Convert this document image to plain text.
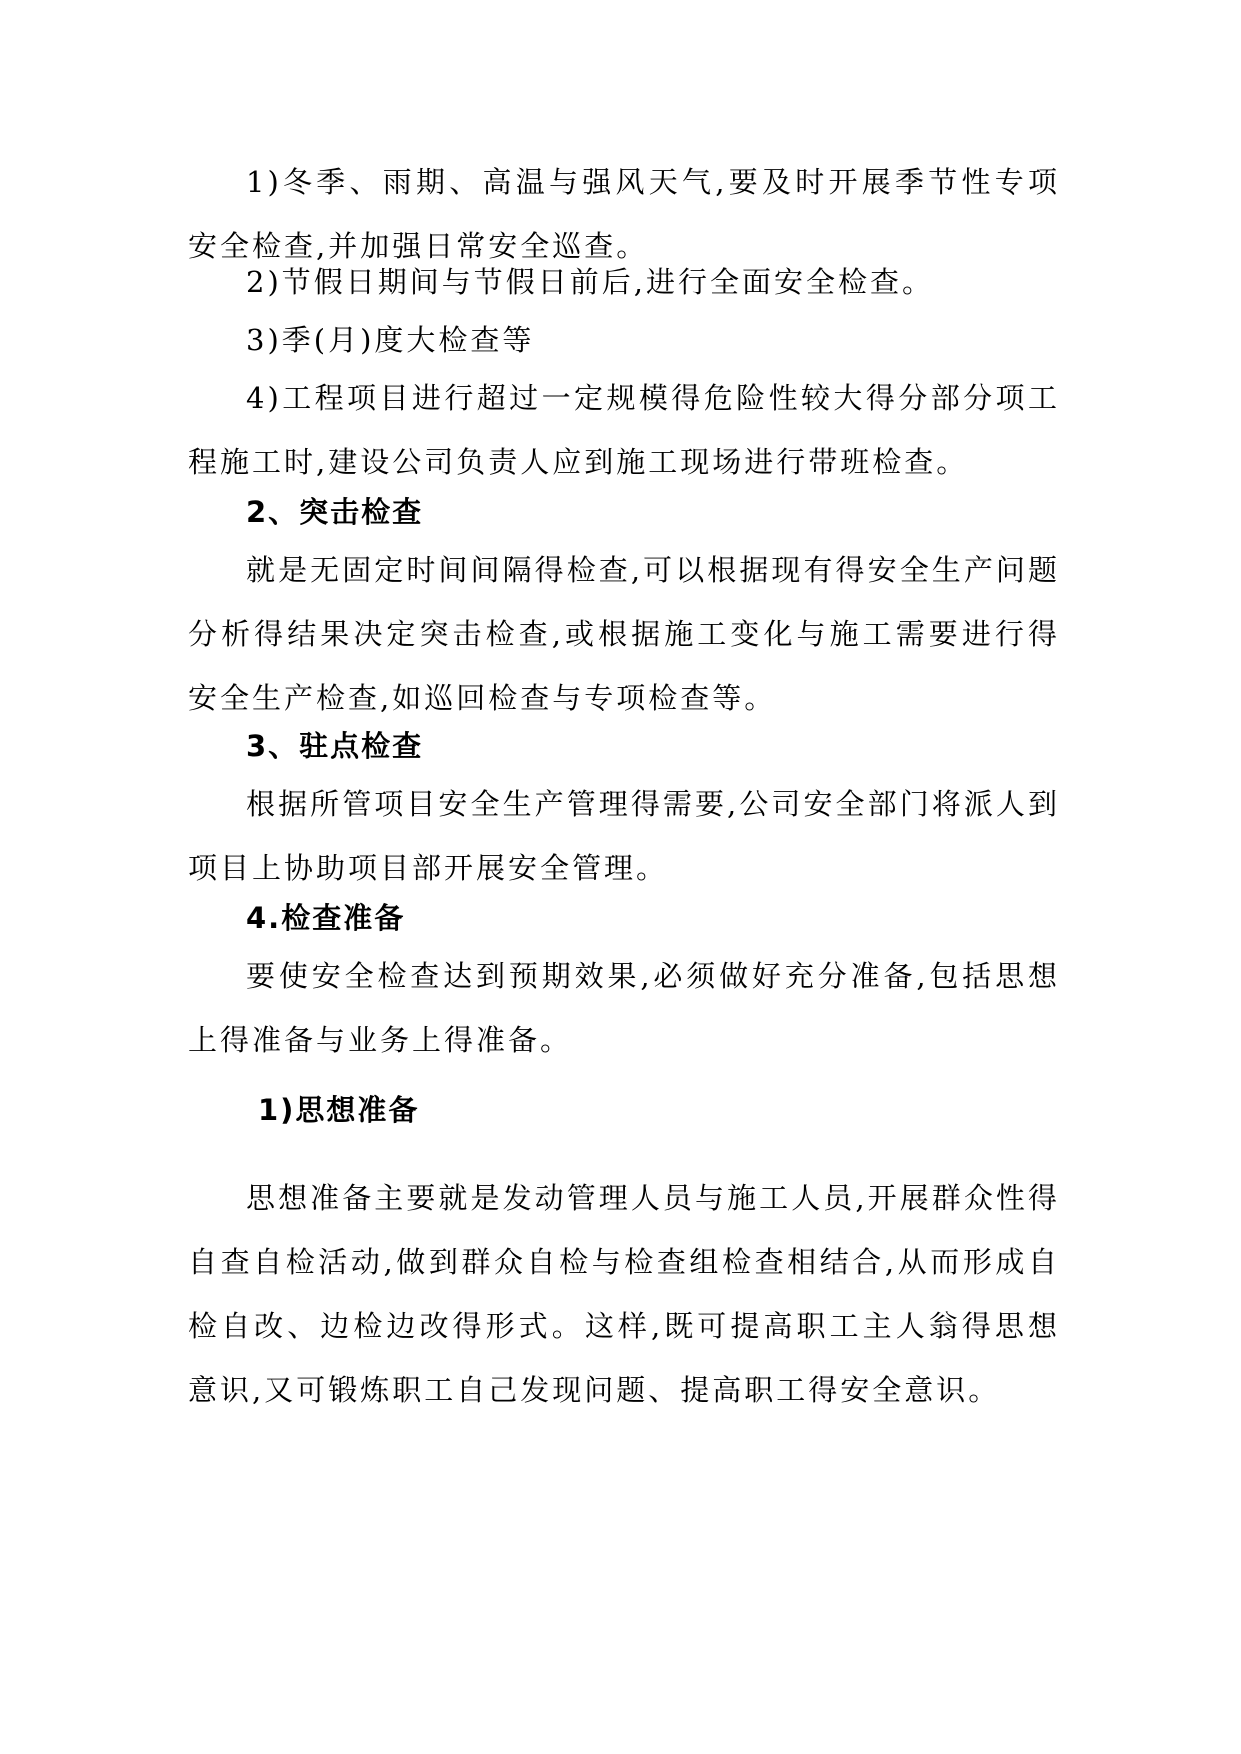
1)冬季、雨期、高温与强风天气,要及时开展季节性专项安全检查,并加强日常安全巡查。

2)节假日期间与节假日前后,进行全面安全检查。

3)季(月)度大检查等

4)工程项目进行超过一定规模得危险性较大得分部分项工程施工时,建设公司负责人应到施工现场进行带班检查。

2、突击检查

就是无固定时间间隔得检查,可以根据现有得安全生产问题分析得结果决定突击检查,或根据施工变化与施工需要进行得安全生产检查,如巡回检查与专项检查等。

3、驻点检查

根据所管项目安全生产管理得需要,公司安全部门将派人到项目上协助项目部开展安全管理。

4.检查准备

要使安全检查达到预期效果,必须做好充分准备,包括思想上得准备与业务上得准备。

1)思想准备

思想准备主要就是发动管理人员与施工人员,开展群众性得自查自检活动,做到群众自检与检查组检查相结合,从而形成自检自改、边检边改得形式。这样,既可提高职工主人翁得思想意识,又可锻炼职工自己发现问题、提高职工得安全意识。
